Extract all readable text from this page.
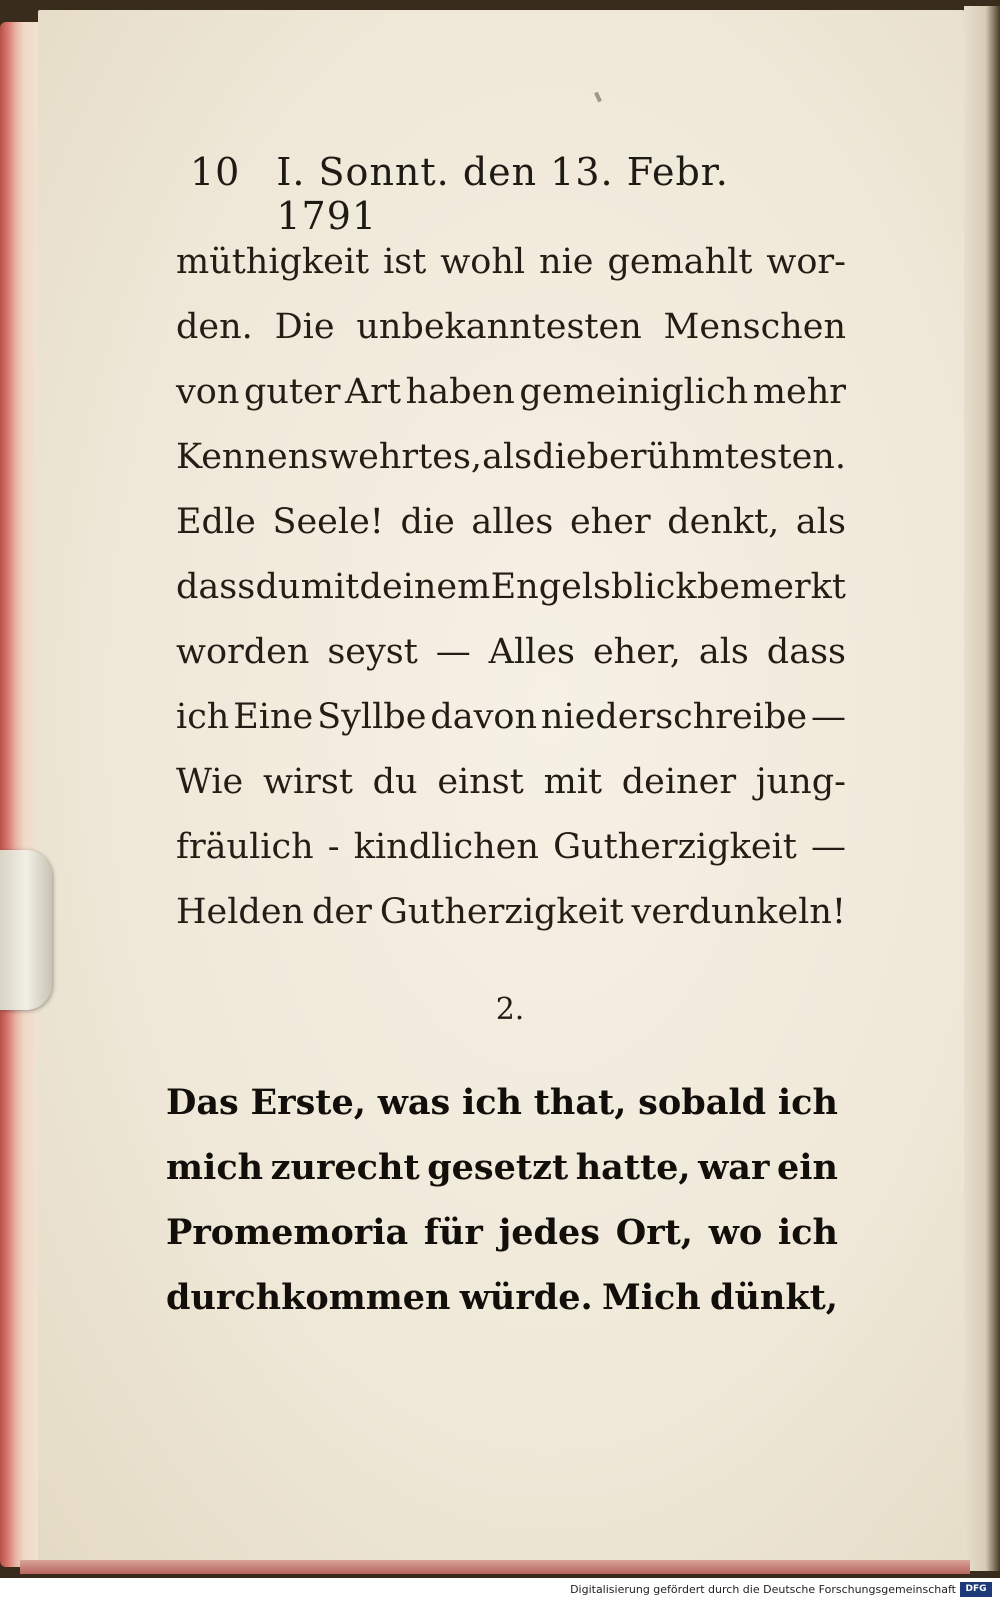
10 I. Sonnt. den 13. Febr. 1791
müthigkeit ist wohl nie gemahlt wor-
den. Die unbekanntesten Menschen
von guter Art haben gemeiniglich mehr
Kennenswehrtes, als die berühmtesten.
Edle Seele! die alles eher denkt, als
dass du mit deinem Engelsblick bemerkt
worden seyst — Alles eher, als dass
ich Eine Syllbe davon niederschreibe —
Wie wirst du einst mit deiner jung-
fräulich - kindlichen Gutherzigkeit —
Helden der Gutherzigkeit verdunkeln!
2.
Das Erste, was ich that, sobald ich
mich zurecht gesetzt hatte, war ein
Promemoria für jedes Ort, wo ich
durchkommen würde. Mich dünkt,
Digitalisierung gefördert durch die Deutsche Forschungsgemeinschaft	DFG
